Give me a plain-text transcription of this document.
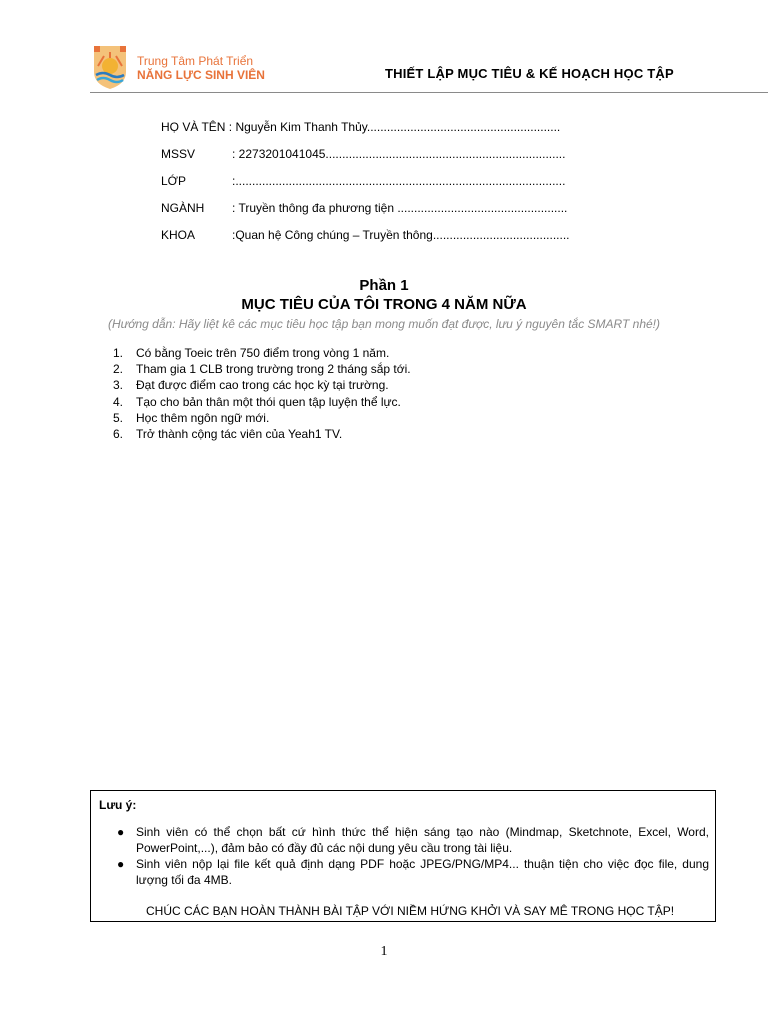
Trung Tâm Phát Triển
NĂNG LỰC SINH VIÊN	THIẾT LẬP MỤC TIÊU & KẾ HOẠCH HỌC TẬP
HỌ VÀ TÊN : Nguyễn Kim Thanh Thủy..........................................................
MSSV	: 2273201041045........................................................................
LỚP	:...................................................................................................
NGÀNH : Truyền thông đa phương tiện ...................................................
KHOA	:Quan hệ Công chúng – Truyền thông.........................................
Phần 1
MỤC TIÊU CỦA TÔI TRONG 4 NĂM NỮA
(Hướng dẫn: Hãy liệt kê các mục tiêu học tập bạn mong muốn đạt được, lưu ý nguyên tắc SMART nhé!)
1. Có bằng Toeic trên 750 điểm trong vòng 1 năm.
2. Tham gia 1 CLB trong trường trong 2 tháng sắp tới.
3. Đạt được điểm cao trong các học kỳ tại trường.
4. Tạo cho bản thân một thói quen tập luyện thể lực.
5. Học thêm ngôn ngữ mới.
6. Trở thành cộng tác viên của Yeah1 TV.
Lưu ý:
● Sinh viên có thể chọn bất cứ hình thức thể hiện sáng tạo nào (Mindmap, Sketchnote, Excel, Word, PowerPoint,...), đảm bảo có đầy đủ các nội dung yêu cầu trong tài liệu.
● Sinh viên nộp lại file kết quả định dạng PDF hoặc JPEG/PNG/MP4... thuận tiện cho việc đọc file, dung lượng tối đa 4MB.
CHÚC CÁC BẠN HOÀN THÀNH BÀI TẬP VỚI NIỀM HỨNG KHỞI VÀ SAY MÊ TRONG HỌC TẬP!
1
